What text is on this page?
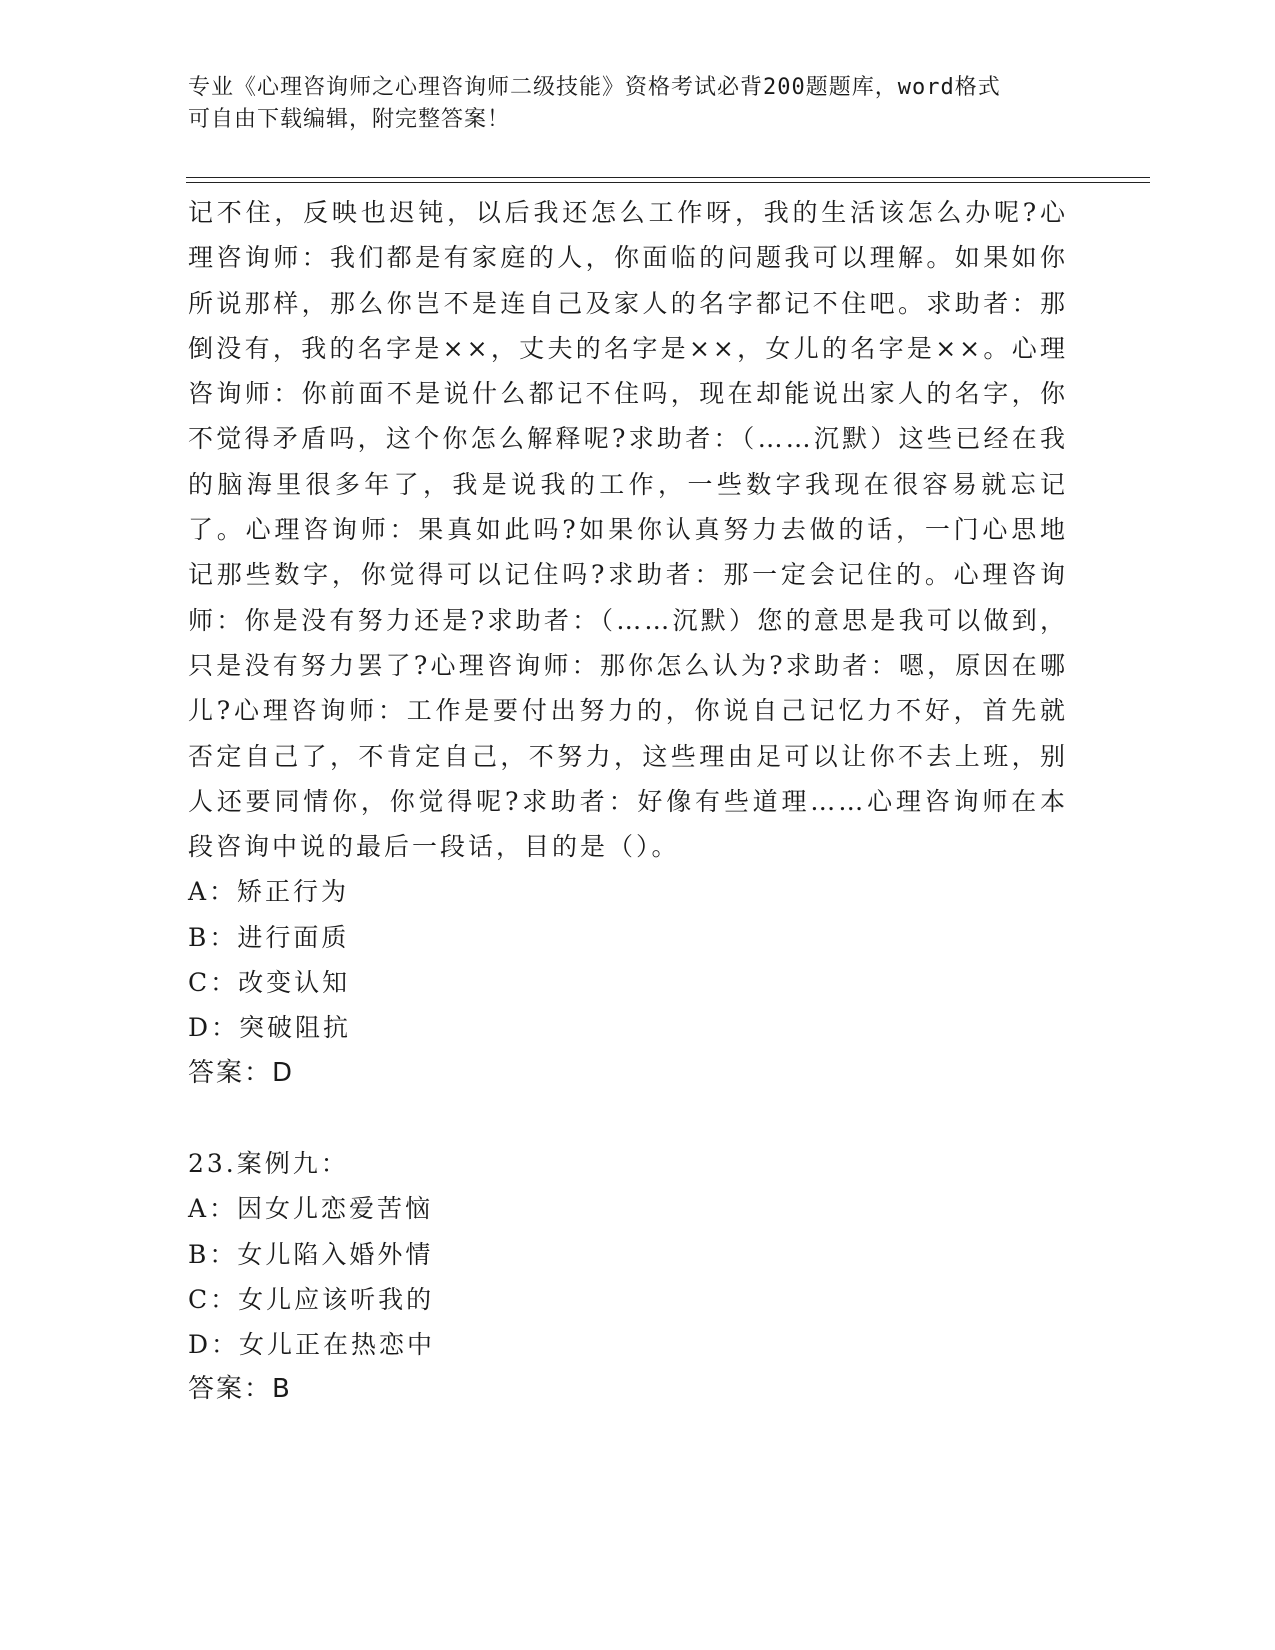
专业《心理咨询师之心理咨询师二级技能》资格考试必背200题题库，word格式
可自由下载编辑，附完整答案！

记不住，反映也迟钝，以后我还怎么工作呀，我的生活该怎么办呢?心理咨询师：我们都是有家庭的人，你面临的问题我可以理解。如果如你所说那样，那么你岂不是连自己及家人的名字都记不住吧。求助者：那倒没有，我的名字是××，丈夫的名字是××，女儿的名字是××。心理咨询师：你前面不是说什么都记不住吗，现在却能说出家人的名字，你不觉得矛盾吗，这个你怎么解释呢?求助者：（……沉默）这些已经在我的脑海里很多年了，我是说我的工作，一些数字我现在很容易就忘记了。心理咨询师：果真如此吗?如果你认真努力去做的话，一门心思地记那些数字，你觉得可以记住吗?求助者：那一定会记住的。心理咨询师：你是没有努力还是?求助者：（……沉默）您的意思是我可以做到，只是没有努力罢了?心理咨询师：那你怎么认为?求助者：嗯，原因在哪儿?心理咨询师：工作是要付出努力的，你说自己记忆力不好，首先就否定自己了，不肯定自己，不努力，这些理由足可以让你不去上班，别人还要同情你，你觉得呢?求助者：好像有些道理……心理咨询师在本段咨询中说的最后一段话，目的是（）。

A：矫正行为
B：进行面质
C：改变认知
D：突破阻抗
答案：D
23.案例九：
A：因女儿恋爱苦恼
B：女儿陷入婚外情
C：女儿应该听我的
D：女儿正在热恋中
答案：B
